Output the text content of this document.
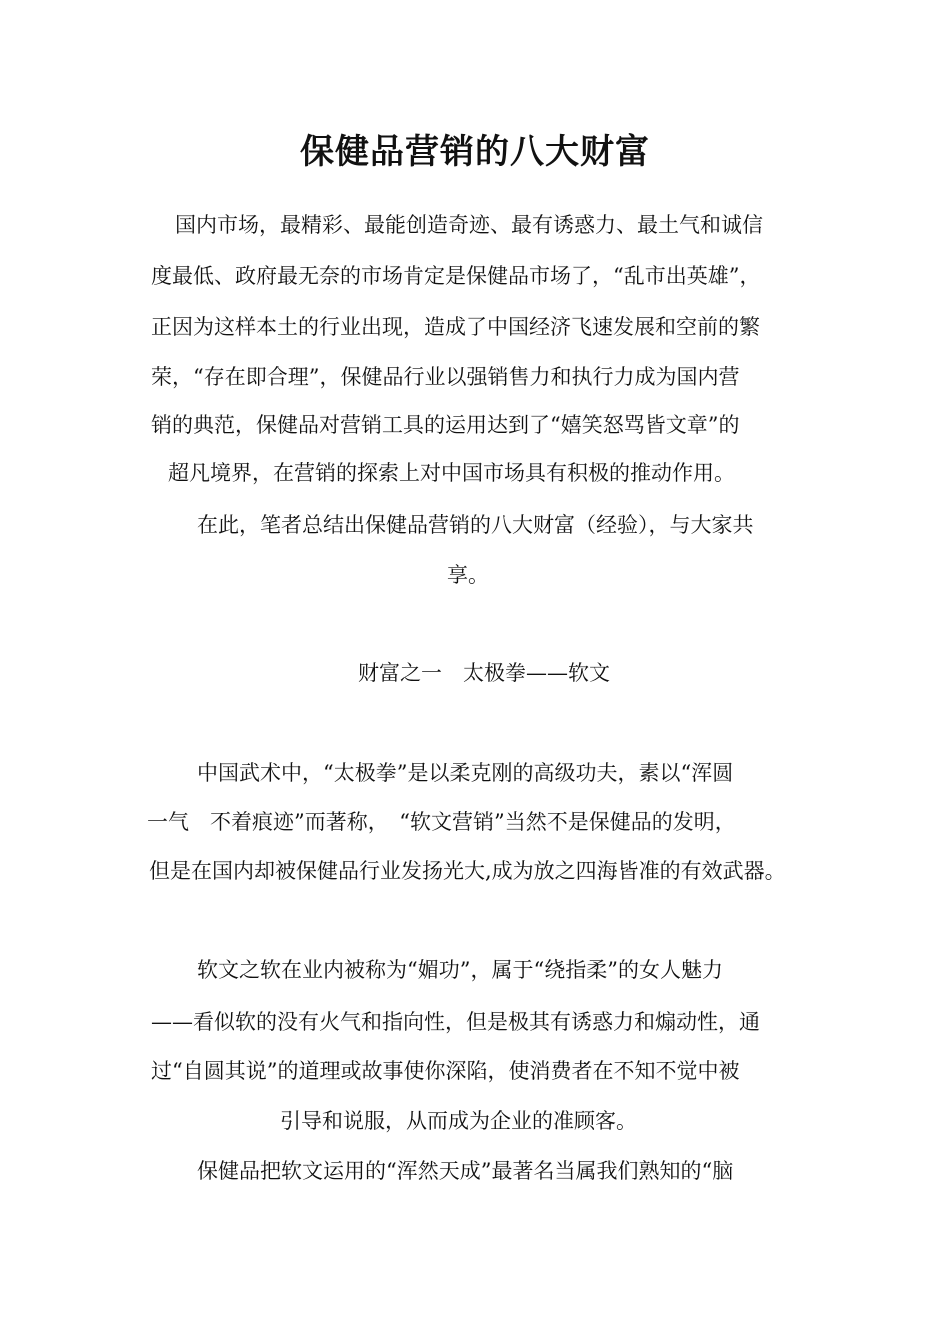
保健品营销的八大财富
国内市场，最精彩、最能创造奇迹、最有诱惑力、最土气和诚信
度最低、政府最无奈的市场肯定是保健品市场了，“乱市出英雄”，
正因为这样本土的行业出现，造成了中国经济飞速发展和空前的繁
荣，“存在即合理”，保健品行业以强销售力和执行力成为国内营
销的典范，保健品对营销工具的运用达到了“嬉笑怒骂皆文章”的
超凡境界，在营销的探索上对中国市场具有积极的推动作用。
在此，笔者总结出保健品营销的八大财富（经验），与大家共
享。
财富之一　太极拳——软文
中国武术中，“太极拳”是以柔克刚的高级功夫，素以“浑圆
一气　不着痕迹”而著称，　“软文营销”当然不是保健品的发明，
但是在国内却被保健品行业发扬光大,成为放之四海皆准的有效武器。
软文之软在业内被称为“媚功”，属于“绕指柔”的女人魅力
——看似软的没有火气和指向性，但是极其有诱惑力和煽动性，通
过“自圆其说”的道理或故事使你深陷，使消费者在不知不觉中被
引导和说服，从而成为企业的准顾客。
保健品把软文运用的“浑然天成”最著名当属我们熟知的“脑
